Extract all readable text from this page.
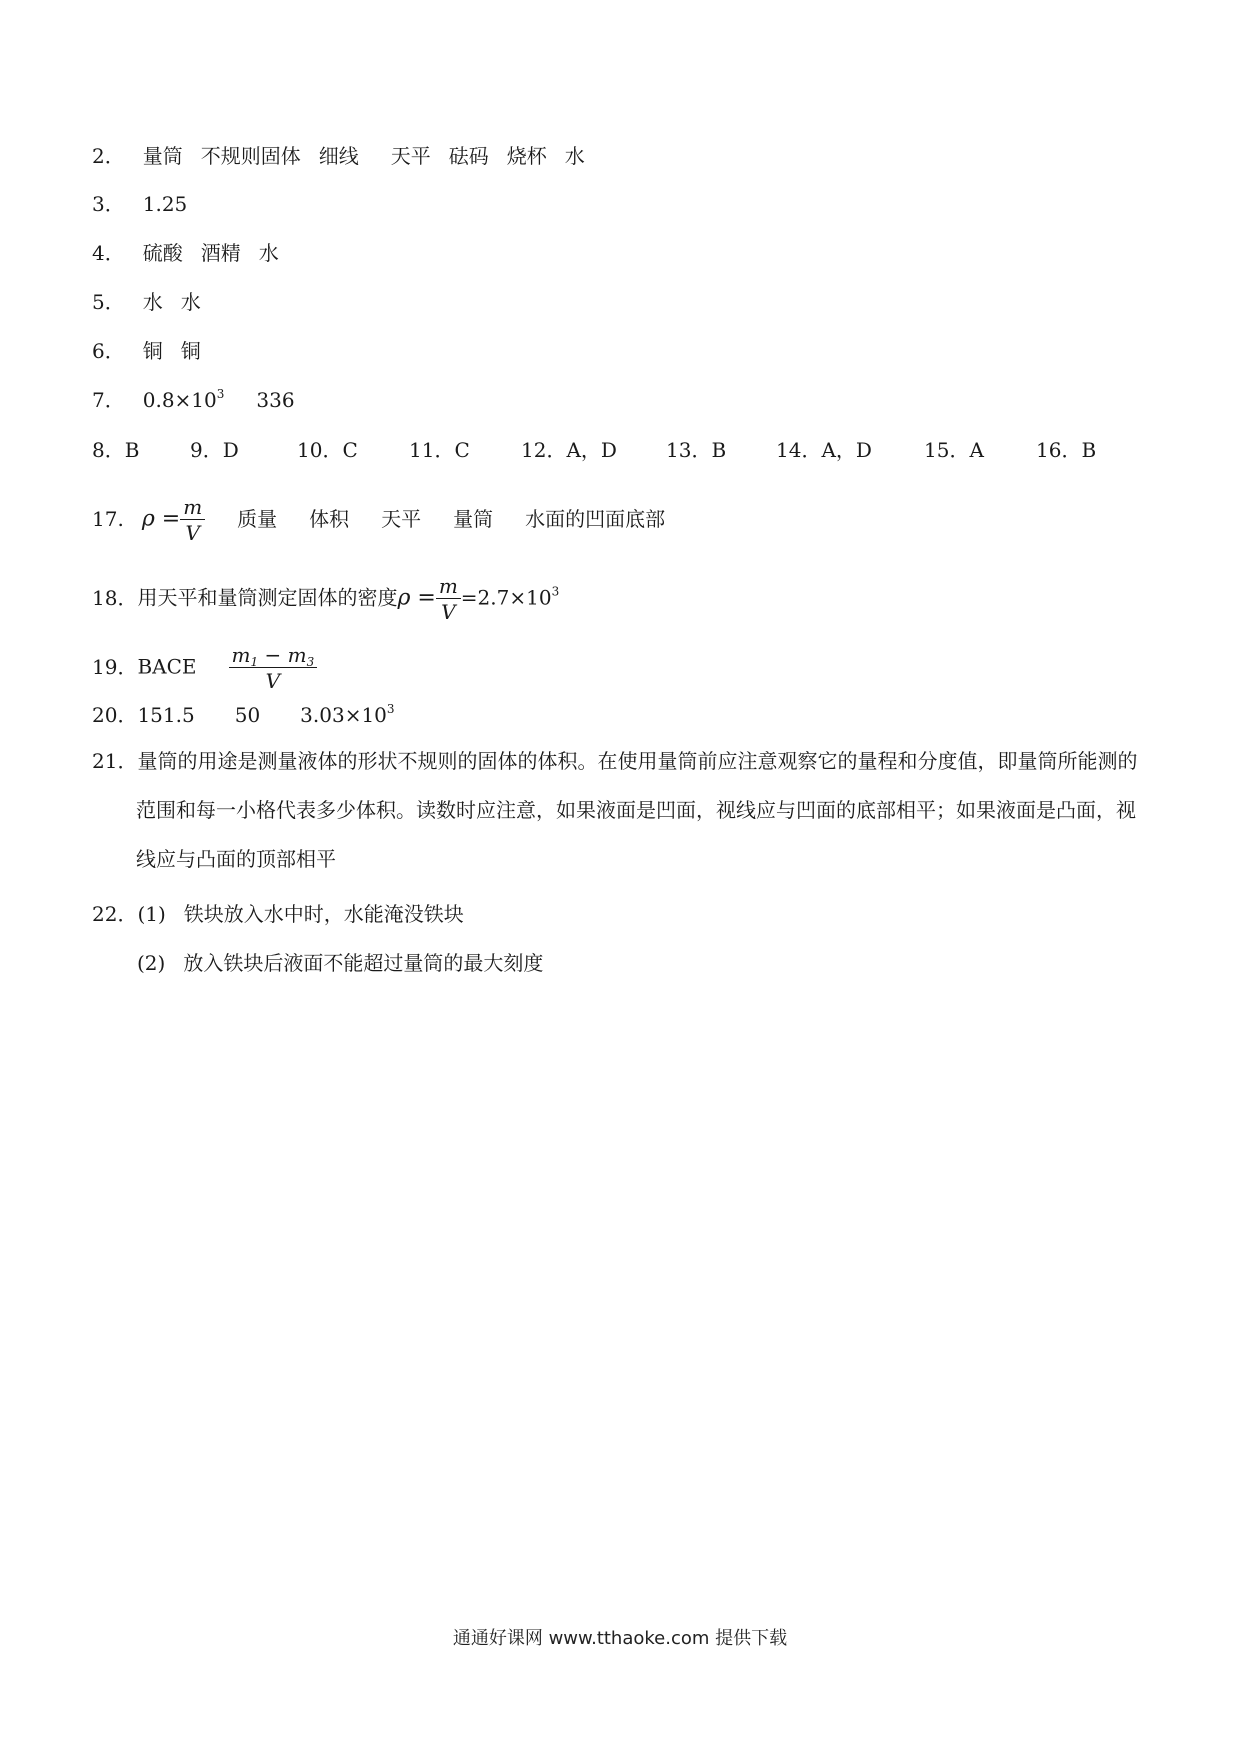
2． 量筒 不规则固体 细线 天平 砝码 烧杯 水
3． 1.25
4． 硫酸 酒精 水
5． 水 水
6． 铜 铜
7． $0.8\times 10^3$ 336
8．B	9．D	10．C	11．C	12．A，D 13．B 14．A，D	15．A	16．B
17. $\rho = \frac{m}{V}$ 质量 体积 天平 量筒 水面的凹面底部
18．用天平和量筒测定固体的密度$\rho = \frac{m}{V} =2.7\times 10^3$
19．BACE $\frac{m_1 - m_3}{V}$
20．151.5 50 $3.03\times 10^3$
21．量筒的用途是测量液体的形状不规则的固体的体积。在使用量筒前应注意观察它的量程和分度值，即量筒所能测的范围和每一小格代表多少体积。读数时应注意，如果液面是凹面，视线应与凹面的底部相平；如果液面是凸面，视线应与凸面的顶部相平
22．(1) 铁块放入水中时，水能淹没铁块
(2) 放入铁块后液面不能超过量筒的最大刻度
通通好课网 www.tthaoke.com 提供下载
